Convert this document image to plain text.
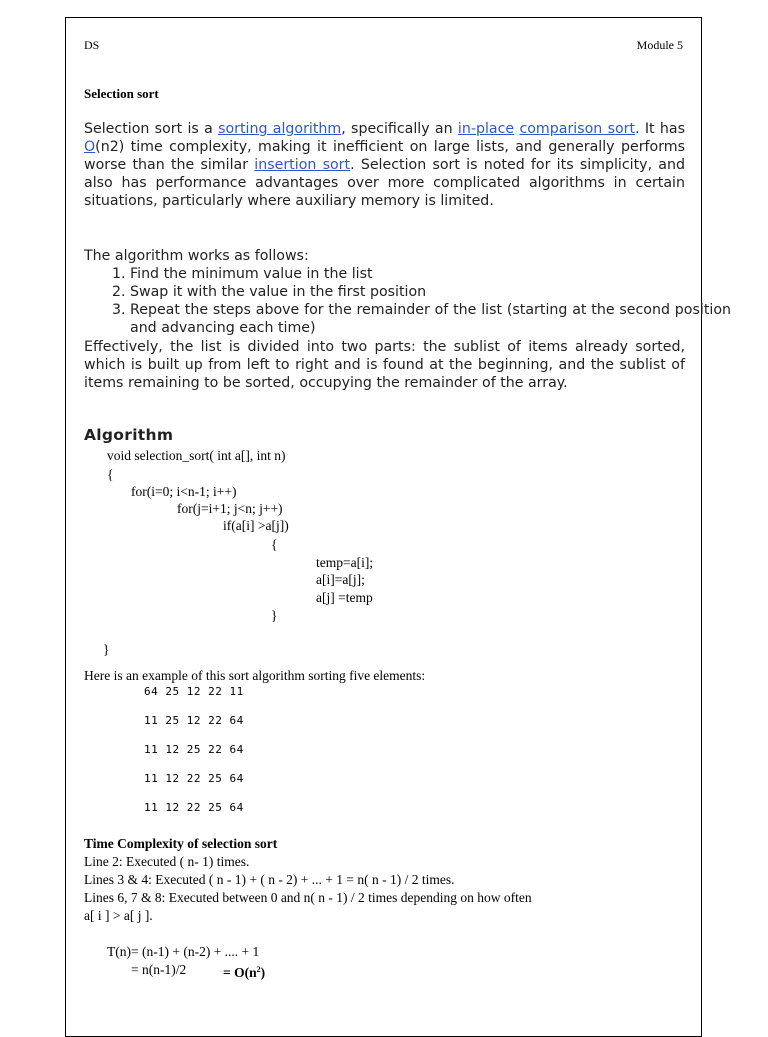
DS	Module 5
Selection sort
Selection sort is a sorting algorithm, specifically an in-place comparison sort. It has O(n2) time complexity, making it inefficient on large lists, and generally performs worse than the similar insertion sort. Selection sort is noted for its simplicity, and also has performance advantages over more complicated algorithms in certain situations, particularly where auxiliary memory is limited.
The algorithm works as follows:
1. Find the minimum value in the list
2. Swap it with the value in the first position
3. Repeat the steps above for the remainder of the list (starting at the second position and advancing each time)
Effectively, the list is divided into two parts: the sublist of items already sorted, which is built up from left to right and is found at the beginning, and the sublist of items remaining to be sorted, occupying the remainder of the array.
Algorithm
void selection_sort( int a[], int n)
{
for(i=0; i<n-1; i++)
for(j=i+1; j<n; j++)
if(a[i] >a[j])
{
temp=a[i];
a[i]=a[j];
a[j] =temp
}
}
Here is an example of this sort algorithm sorting five elements:
64 25 12 22 11
11 25 12 22 64
11 12 25 22 64
11 12 22 25 64
11 12 22 25 64
Time Complexity of selection sort
Line 2: Executed ( n- 1) times.
Lines 3 & 4: Executed ( n - 1) + ( n - 2) + ... + 1 = n( n - 1) / 2 times.
Lines 6, 7 & 8: Executed between 0 and n( n - 1) / 2 times depending on how often
a[ i ] > a[ j ].
T(n)= (n-1) + (n-2) + .... + 1
= n(n-1)/2	= $O(n^2)$
